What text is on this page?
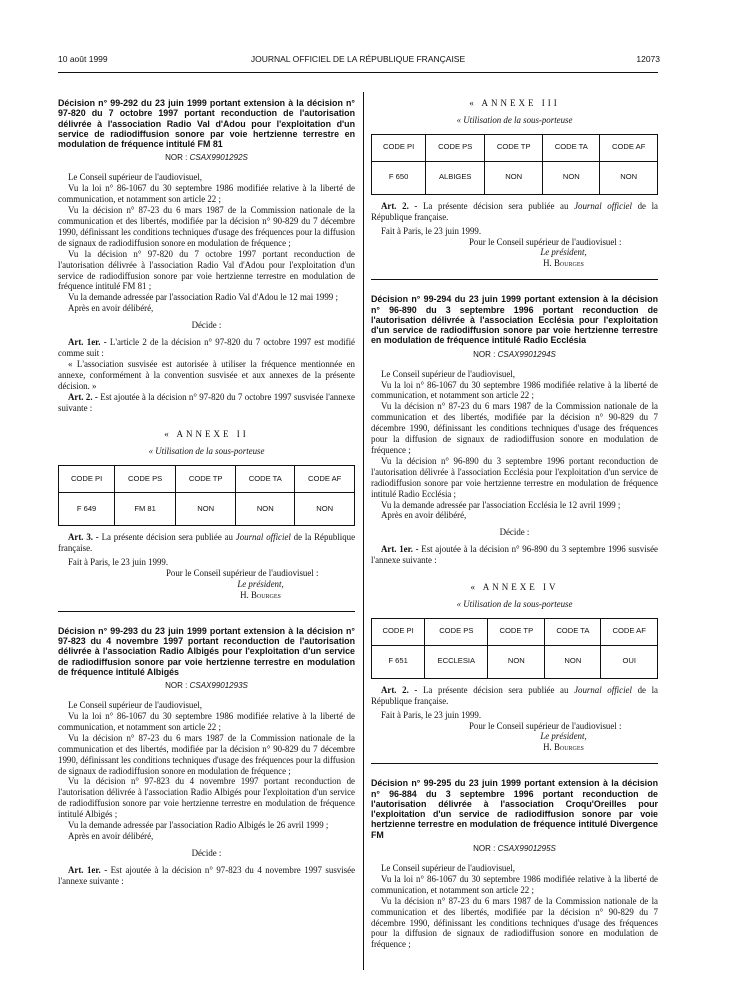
10 août 1999	JOURNAL OFFICIEL DE LA RÉPUBLIQUE FRANÇAISE	12073

Décision n° 99-292 du 23 juin 1999 portant extension à la décision n° 97-820 du 7 octobre 1997 portant reconduction de l'autorisation délivrée à l'association Radio Val d'Adou pour l'exploitation d'un service de radiodiffusion sonore par voie hertzienne terrestre en modulation de fréquence intitulé FM 81

NOR : CSAX9901292S

Le Conseil supérieur de l'audiovisuel,

Vu la loi n° 86-1067 du 30 septembre 1986 modifiée relative à la liberté de communication, et notamment son article 22 ;

Vu la décision n° 87-23 du 6 mars 1987 de la Commission nationale de la communication et des libertés, modifiée par la décision n° 90-829 du 7 décembre 1990, définissant les conditions techniques d'usage des fréquences pour la diffusion de signaux de radiodiffusion sonore en modulation de fréquence ;

Vu la décision n° 97-820 du 7 octobre 1997 portant reconduction de l'autorisation délivrée à l'association Radio Val d'Adou pour l'exploitation d'un service de radiodiffusion sonore par voie hertzienne terrestre en modulation de fréquence intitulé FM 81 ;

Vu la demande adressée par l'association Radio Val d'Adou le 12 mai 1999 ;

Après en avoir délibéré,

Décide :

Art. 1er. - L'article 2 de la décision n° 97-820 du 7 octobre 1997 est modifié comme suit :

« L'association susvisée est autorisée à utiliser la fréquence mentionnée en annexe, conformément à la convention susvisée et aux annexes de la présente décision. »

Art. 2. - Est ajoutée à la décision n° 97-820 du 7 octobre 1997 susvisée l'annexe suivante :

« ANNEXE II
« Utilisation de la sous-porteuse
CODE PI	CODE PS	CODE TP	CODE TA	CODE AF
F 649	FM 81	NON	NON	NON

Art. 3. - La présente décision sera publiée au Journal officiel de la République française.

Fait à Paris, le 23 juin 1999.

Pour le Conseil supérieur de l'audiovisuel :

Le président,

H. Bourges

Décision n° 99-293 du 23 juin 1999 portant extension à la décision n° 97-823 du 4 novembre 1997 portant reconduction de l'autorisation délivrée à l'association Radio Albigés pour l'exploitation d'un service de radiodiffusion sonore par voie hertzienne terrestre en modulation de fréquence intitulé Albigés

NOR : CSAX9901293S

Le Conseil supérieur de l'audiovisuel,

Vu la loi n° 86-1067 du 30 septembre 1986 modifiée relative à la liberté de communication, et notamment son article 22 ;

Vu la décision n° 87-23 du 6 mars 1987 de la Commission nationale de la communication et des libertés, modifiée par la décision n° 90-829 du 7 décembre 1990, définissant les conditions techniques d'usage des fréquences pour la diffusion de signaux de radiodiffusion sonore en modulation de fréquence ;

Vu la décision n° 97-823 du 4 novembre 1997 portant reconduction de l'autorisation délivrée à l'association Radio Albigés pour l'exploitation d'un service de radiodiffusion sonore par voie hertzienne terrestre en modulation de fréquence intitulé Albigés ;

Vu la demande adressée par l'association Radio Albigés le 26 avril 1999 ;

Après en avoir délibéré,

Décide :

Art. 1er. - Est ajoutée à la décision n° 97-823 du 4 novembre 1997 susvisée l'annexe suivante :

« ANNEXE III
« Utilisation de la sous-porteuse
CODE PI	CODE PS	CODE TP	CODE TA	CODE AF
F 650	ALBIGES	NON	NON	NON

Art. 2. - La présente décision sera publiée au Journal officiel de la République française.

Fait à Paris, le 23 juin 1999.

Pour le Conseil supérieur de l'audiovisuel :

Le président,

H. Bourges

Décision n° 99-294 du 23 juin 1999 portant extension à la décision n° 96-890 du 3 septembre 1996 portant reconduction de l'autorisation délivrée à l'association Ecclésia pour l'exploitation d'un service de radiodiffusion sonore par voie hertzienne terrestre en modulation de fréquence intitulé Radio Ecclésia

NOR : CSAX9901294S

Le Conseil supérieur de l'audiovisuel,

Vu la loi n° 86-1067 du 30 septembre 1986 modifiée relative à la liberté de communication, et notamment son article 22 ;

Vu la décision n° 87-23 du 6 mars 1987 de la Commission nationale de la communication et des libertés, modifiée par la décision n° 90-829 du 7 décembre 1990, définissant les conditions techniques d'usage des fréquences pour la diffusion de signaux de radiodiffusion sonore en modulation de fréquence ;

Vu la décision n° 96-890 du 3 septembre 1996 portant reconduction de l'autorisation délivrée à l'association Ecclésia pour l'exploitation d'un service de radiodiffusion sonore par voie hertzienne terrestre en modulation de fréquence intitulé Radio Ecclésia ;

Vu la demande adressée par l'association Ecclésia le 12 avril 1999 ;

Après en avoir délibéré,

Décide :

Art. 1er. - Est ajoutée à la décision n° 96-890 du 3 septembre 1996 susvisée l'annexe suivante :

« ANNEXE IV
« Utilisation de la sous-porteuse
CODE PI	CODE PS	CODE TP	CODE TA	CODE AF
F 651	ECCLESIA	NON	NON	OUI

Art. 2. - La présente décision sera publiée au Journal officiel de la République française.

Fait à Paris, le 23 juin 1999.

Pour le Conseil supérieur de l'audiovisuel :

Le président,

H. Bourges

Décision n° 99-295 du 23 juin 1999 portant extension à la décision n° 96-884 du 3 septembre 1996 portant reconduction de l'autorisation délivrée à l'association Croqu'Oreilles pour l'exploitation d'un service de radiodiffusion sonore par voie hertzienne terrestre en modulation de fréquence intitulé Divergence FM

NOR : CSAX9901295S

Le Conseil supérieur de l'audiovisuel,

Vu la loi n° 86-1067 du 30 septembre 1986 modifiée relative à la liberté de communication, et notamment son article 22 ;

Vu la décision n° 87-23 du 6 mars 1987 de la Commission nationale de la communication et des libertés, modifiée par la décision n° 90-829 du 7 décembre 1990, définissant les conditions techniques d'usage des fréquences pour la diffusion de signaux de radiodiffusion sonore en modulation de fréquence ;
